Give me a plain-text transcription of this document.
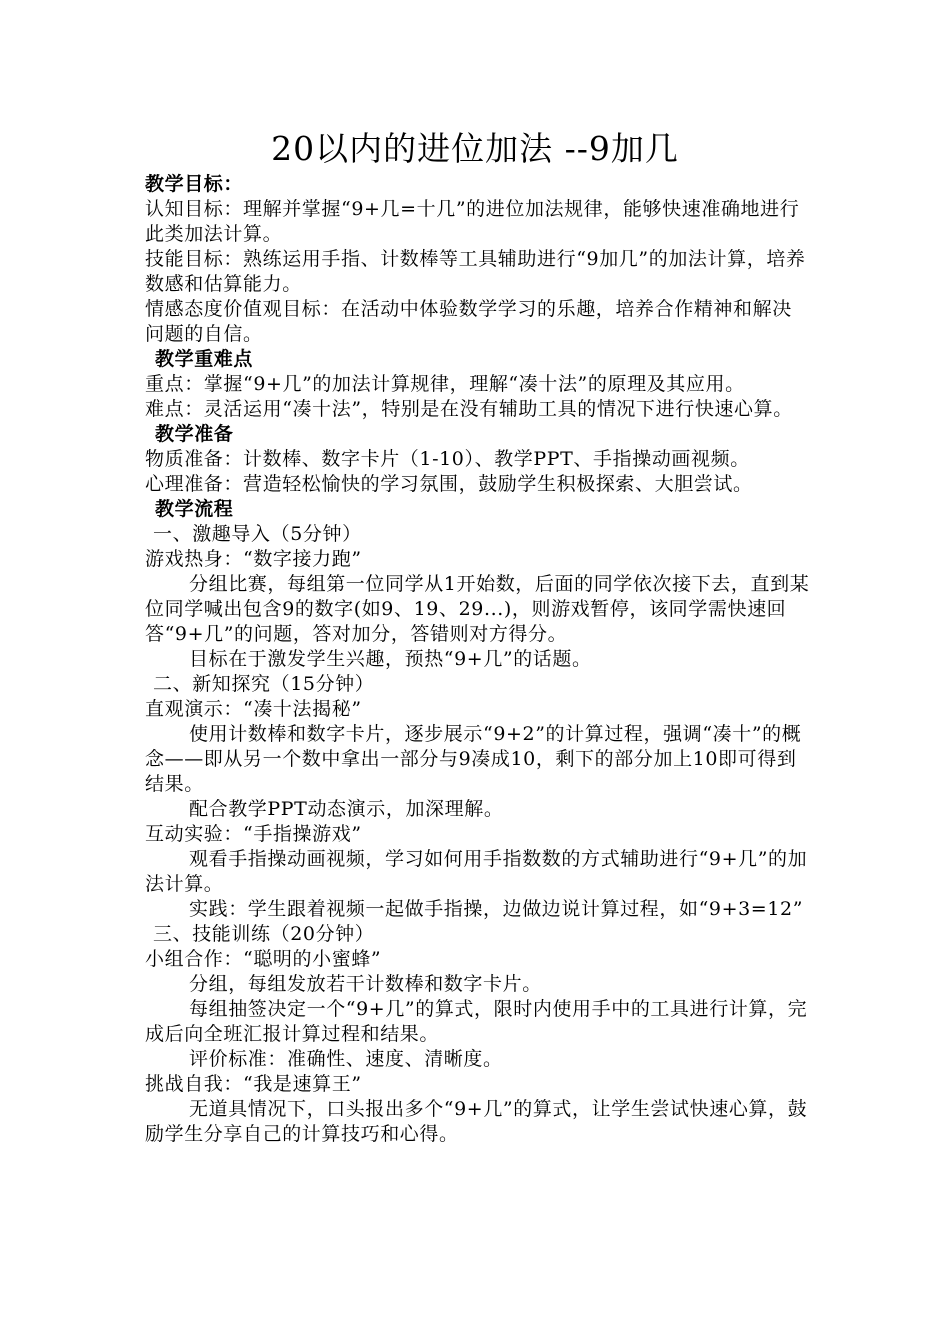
20以内的进位加法 --9加几

教学目标：

认知目标：理解并掌握“9+几=十几”的进位加法规律，能够快速准确地进行此类加法计算。

技能目标：熟练运用手指、计数棒等工具辅助进行“9加几”的加法计算，培养数感和估算能力。

情感态度价值观目标：在活动中体验数学学习的乐趣，培养合作精神和解决问题的自信。

教学重难点

重点：掌握“9+几”的加法计算规律，理解“凑十法”的原理及其应用。

难点：灵活运用“凑十法”，特别是在没有辅助工具的情况下进行快速心算。

教学准备

物质准备：计数棒、数字卡片（1-10）、教学PPT、手指操动画视频。

心理准备：营造轻松愉快的学习氛围，鼓励学生积极探索、大胆尝试。

教学流程

一、激趣导入（5分钟）

游戏热身：“数字接力跑”

分组比赛，每组第一位同学从1开始数，后面的同学依次接下去，直到某位同学喊出包含9的数字(如9、19、29...)，则游戏暂停，该同学需快速回答“9+几”的问题，答对加分，答错则对方得分。

目标在于激发学生兴趣，预热“9+几”的话题。

二、新知探究（15分钟）

直观演示：“凑十法揭秘”

使用计数棒和数字卡片，逐步展示“9+2”的计算过程，强调“凑十”的概念——即从另一个数中拿出一部分与9凑成10，剩下的部分加上10即可得到结果。

配合教学PPT动态演示，加深理解。

互动实验：“手指操游戏”

观看手指操动画视频，学习如何用手指数数的方式辅助进行“9+几”的加法计算。

实践：学生跟着视频一起做手指操，边做边说计算过程，如“9+3=12”

三、技能训练（20分钟）

小组合作：“聪明的小蜜蜂”

分组，每组发放若干计数棒和数字卡片。

每组抽签决定一个“9+几”的算式，限时内使用手中的工具进行计算，完成后向全班汇报计算过程和结果。

评价标准：准确性、速度、清晰度。

挑战自我：“我是速算王”

无道具情况下，口头报出多个“9+几”的算式，让学生尝试快速心算，鼓励学生分享自己的计算技巧和心得。
